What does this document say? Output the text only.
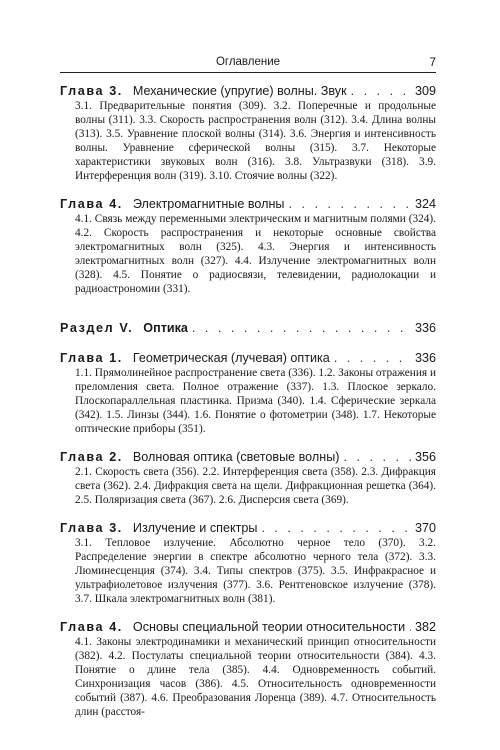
Оглавление	7
Глава 3. Механические (упругие) волны. Звук . . .	309
3.1. Предварительные понятия (309). 3.2. Поперечные и продольные волны (311). 3.3. Скорость распространения волн (312). 3.4. Длина волны (313). 3.5. Уравнение плоской волны (314). 3.6. Энергия и интенсивность волны. Уравнение сферической волны (315). 3.7. Некоторые характеристики звуковых волн (316). 3.8. Ультразвуки (318). 3.9. Интерференция волн (319). 3.10. Стоячие волны (322).
Глава 4. Электромагнитные волны . . .	324
4.1. Связь между переменными электрическим и магнитным полями (324). 4.2. Скорость распространения и некоторые основные свойства электромагнитных волн (325). 4.3. Энергия и интенсивность электромагнитных волн (327). 4.4. Излучение электромагнитных волн (328). 4.5. Понятие о радиосвязи, телевидении, радиолокации и радиоастрономии (331).
Раздел V. Оптика . . .	336
Глава 1. Геометрическая (лучевая) оптика . . .	336
1.1. Прямолинейное распространение света (336). 1.2. Законы отражения и преломления света. Полное отражение (337). 1.3. Плоское зеркало. Плоскопараллельная пластинка. Призма (340). 1.4. Сферические зеркала (342). 1.5. Линзы (344). 1.6. Понятие о фотометрии (348). 1.7. Некоторые оптические приборы (351).
Глава 2. Волновая оптика (световые волны) . . .	356
2.1. Скорость света (356). 2.2. Интерференция света (358). 2.3. Дифракция света (362). 2.4. Дифракция света на щели. Дифракционная решетка (364). 2.5. Поляризация света (367). 2.6. Дисперсия света (369).
Глава 3. Излучение и спектры . . .	370
3.1. Тепловое излучение. Абсолютно черное тело (370). 3.2. Распределение энергии в спектре абсолютно черного тела (372). 3.3. Люминесценция (374). 3.4. Типы спектров (375). 3.5. Инфракрасное и ультрафиолетовое излучения (377). 3.6. Рентгеновское излучение (378). 3.7. Шкала электромагнитных волн (381).
Глава 4. Основы специальной теории относительности . . . 382
4.1. Законы электродинамики и механический принцип относительности (382). 4.2. Постулаты специальной теории относительности (384). 4.3. Понятие о длине тела (385). 4.4. Одновременность событий. Синхронизация часов (386). 4.5. Относительность одновременности событий (387). 4.6. Преобразования Лоренца (389). 4.7. Относительность длин (расстоя-
